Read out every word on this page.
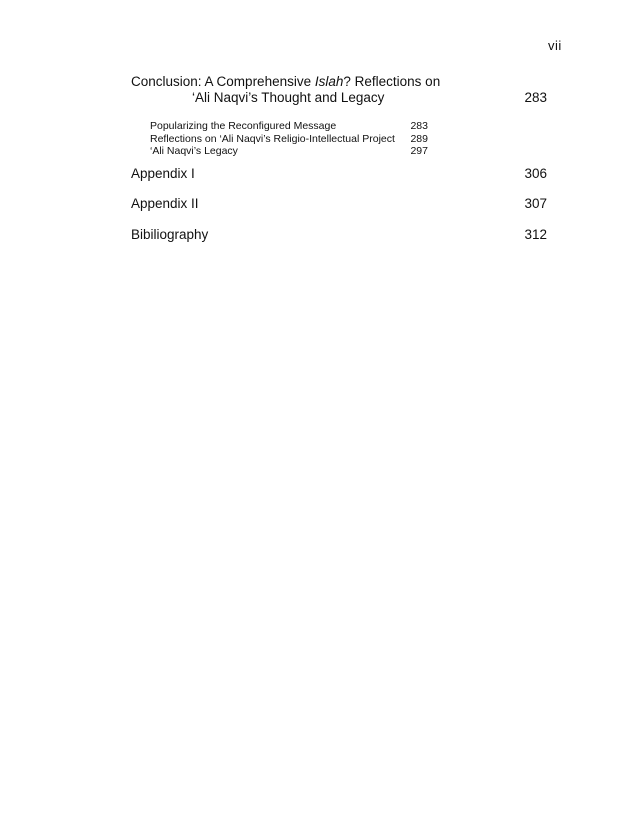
vii
Conclusion: A Comprehensive Islah? Reflections on
‘Ali Naqvi’s Thought and Legacy	283
Popularizing the Reconfigured Message	283
Reflections on ‘Ali Naqvi’s Religio-Intellectual Project 289
‘Ali Naqvi’s Legacy	297
Appendix I	306
Appendix II	307
Bibiliography	312
